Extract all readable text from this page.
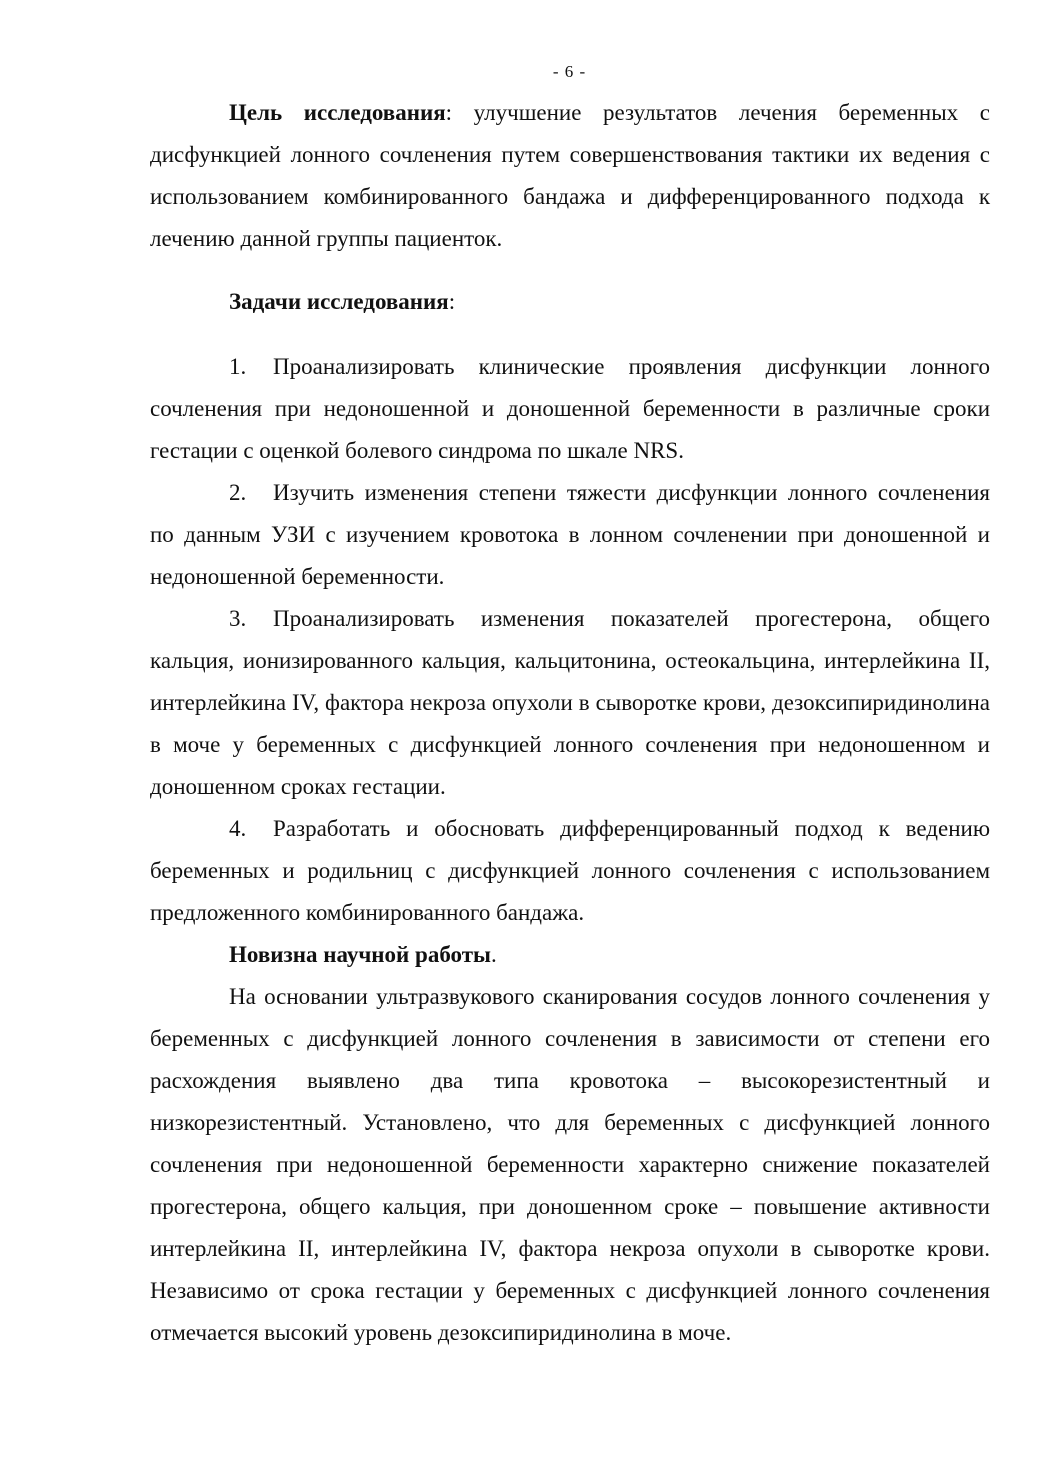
- 6 -

Цель исследования: улучшение результатов лечения беременных с дисфункцией лонного сочленения путем совершенствования тактики их ведения с использованием комбинированного бандажа и дифференцированного подхода к лечению данной группы пациенток.

Задачи исследования:

1. Проанализировать клинические проявления дисфункции лонного сочленения при недоношенной и доношенной беременности в различные сроки гестации с оценкой болевого синдрома по шкале NRS.

2. Изучить изменения степени тяжести дисфункции лонного сочленения по данным УЗИ с изучением кровотока в лонном сочленении при доношенной и недоношенной беременности.

3. Проанализировать изменения показателей прогестерона, общего кальция, ионизированного кальция, кальцитонина, остеокальцина, интерлейкина II, интерлейкина IV, фактора некроза опухоли в сыворотке крови, дезоксипиридинолина в моче у беременных с дисфункцией лонного сочленения при недоношенном и доношенном сроках гестации.

4. Разработать и обосновать дифференцированный подход к ведению беременных и родильниц с дисфункцией лонного сочленения с использованием предложенного комбинированного бандажа.

Новизна научной работы.

На основании ультразвукового сканирования сосудов лонного сочленения у беременных с дисфункцией лонного сочленения в зависимости от степени его расхождения выявлено два типа кровотока – высокорезистентный и низкорезистентный. Установлено, что для беременных с дисфункцией лонного сочленения при недоношенной беременности характерно снижение показателей прогестерона, общего кальция, при доношенном сроке – повышение активности интерлейкина II, интерлейкина IV, фактора некроза опухоли в сыворотке крови. Независимо от срока гестации у беременных с дисфункцией лонного сочленения отмечается высокий уровень дезоксипиридинолина в моче.
